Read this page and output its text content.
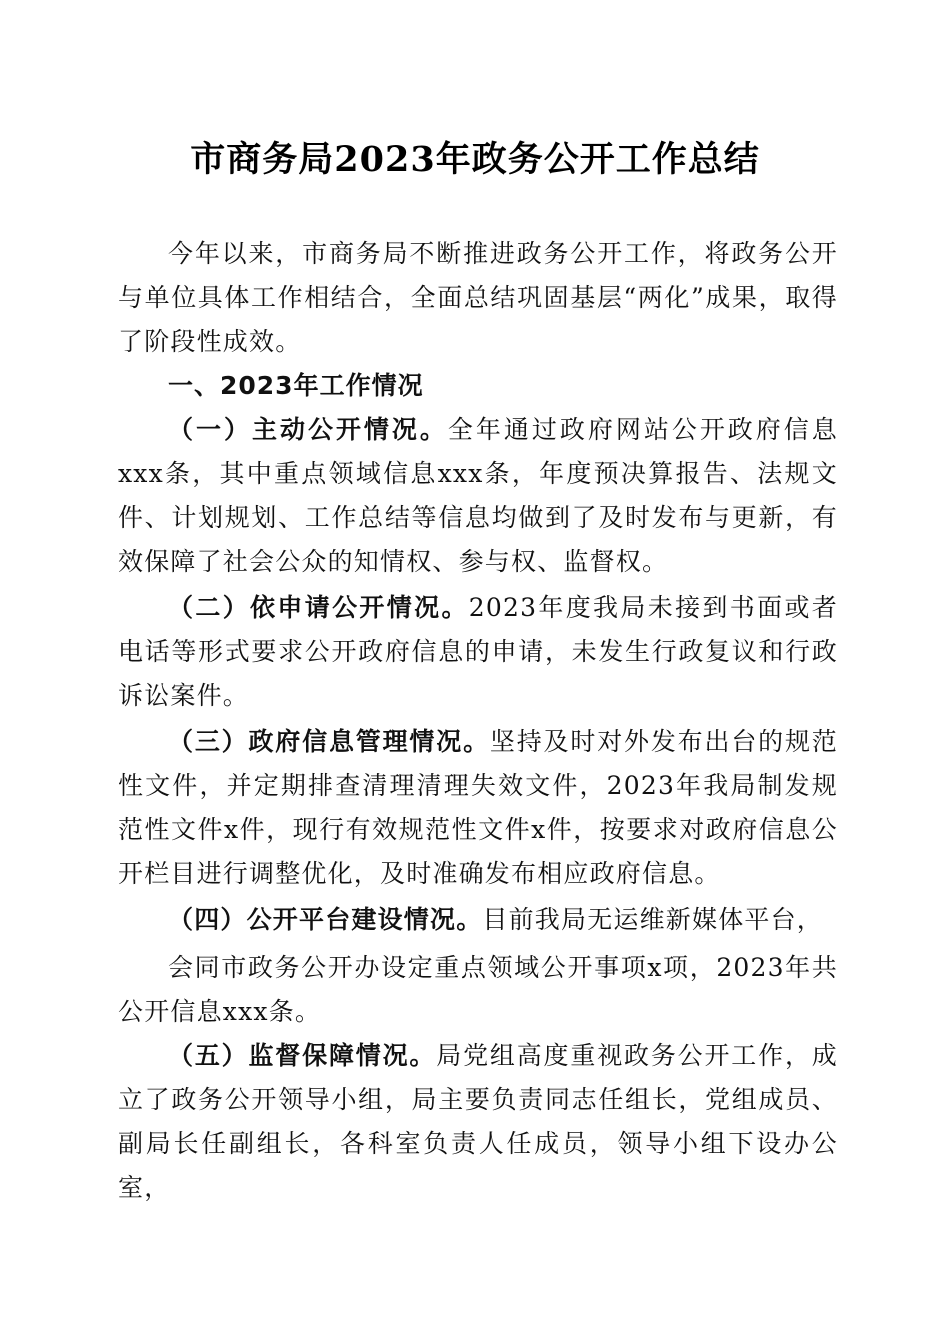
市商务局2023年政务公开工作总结
今年以来，市商务局不断推进政务公开工作，将政务公开与单位具体工作相结合，全面总结巩固基层“两化”成果，取得了阶段性成效。
一、2023年工作情况
（一）主动公开情况。全年通过政府网站公开政府信息xxx条，其中重点领域信息xxx条，年度预决算报告、法规文件、计划规划、工作总结等信息均做到了及时发布与更新，有效保障了社会公众的知情权、参与权、监督权。
（二）依申请公开情况。2023年度我局未接到书面或者电话等形式要求公开政府信息的申请，未发生行政复议和行政诉讼案件。
（三）政府信息管理情况。坚持及时对外发布出台的规范性文件，并定期排查清理清理失效文件，2023年我局制发规范性文件x件，现行有效规范性文件x件，按要求对政府信息公开栏目进行调整优化，及时准确发布相应政府信息。
（四）公开平台建设情况。目前我局无运维新媒体平台，
会同市政务公开办设定重点领域公开事项x项，2023年共公开信息xxx条。
（五）监督保障情况。局党组高度重视政务公开工作，成立了政务公开领导小组，局主要负责同志任组长，党组成员、副局长任副组长，各科室负责人任成员，领导小组下设办公室，
